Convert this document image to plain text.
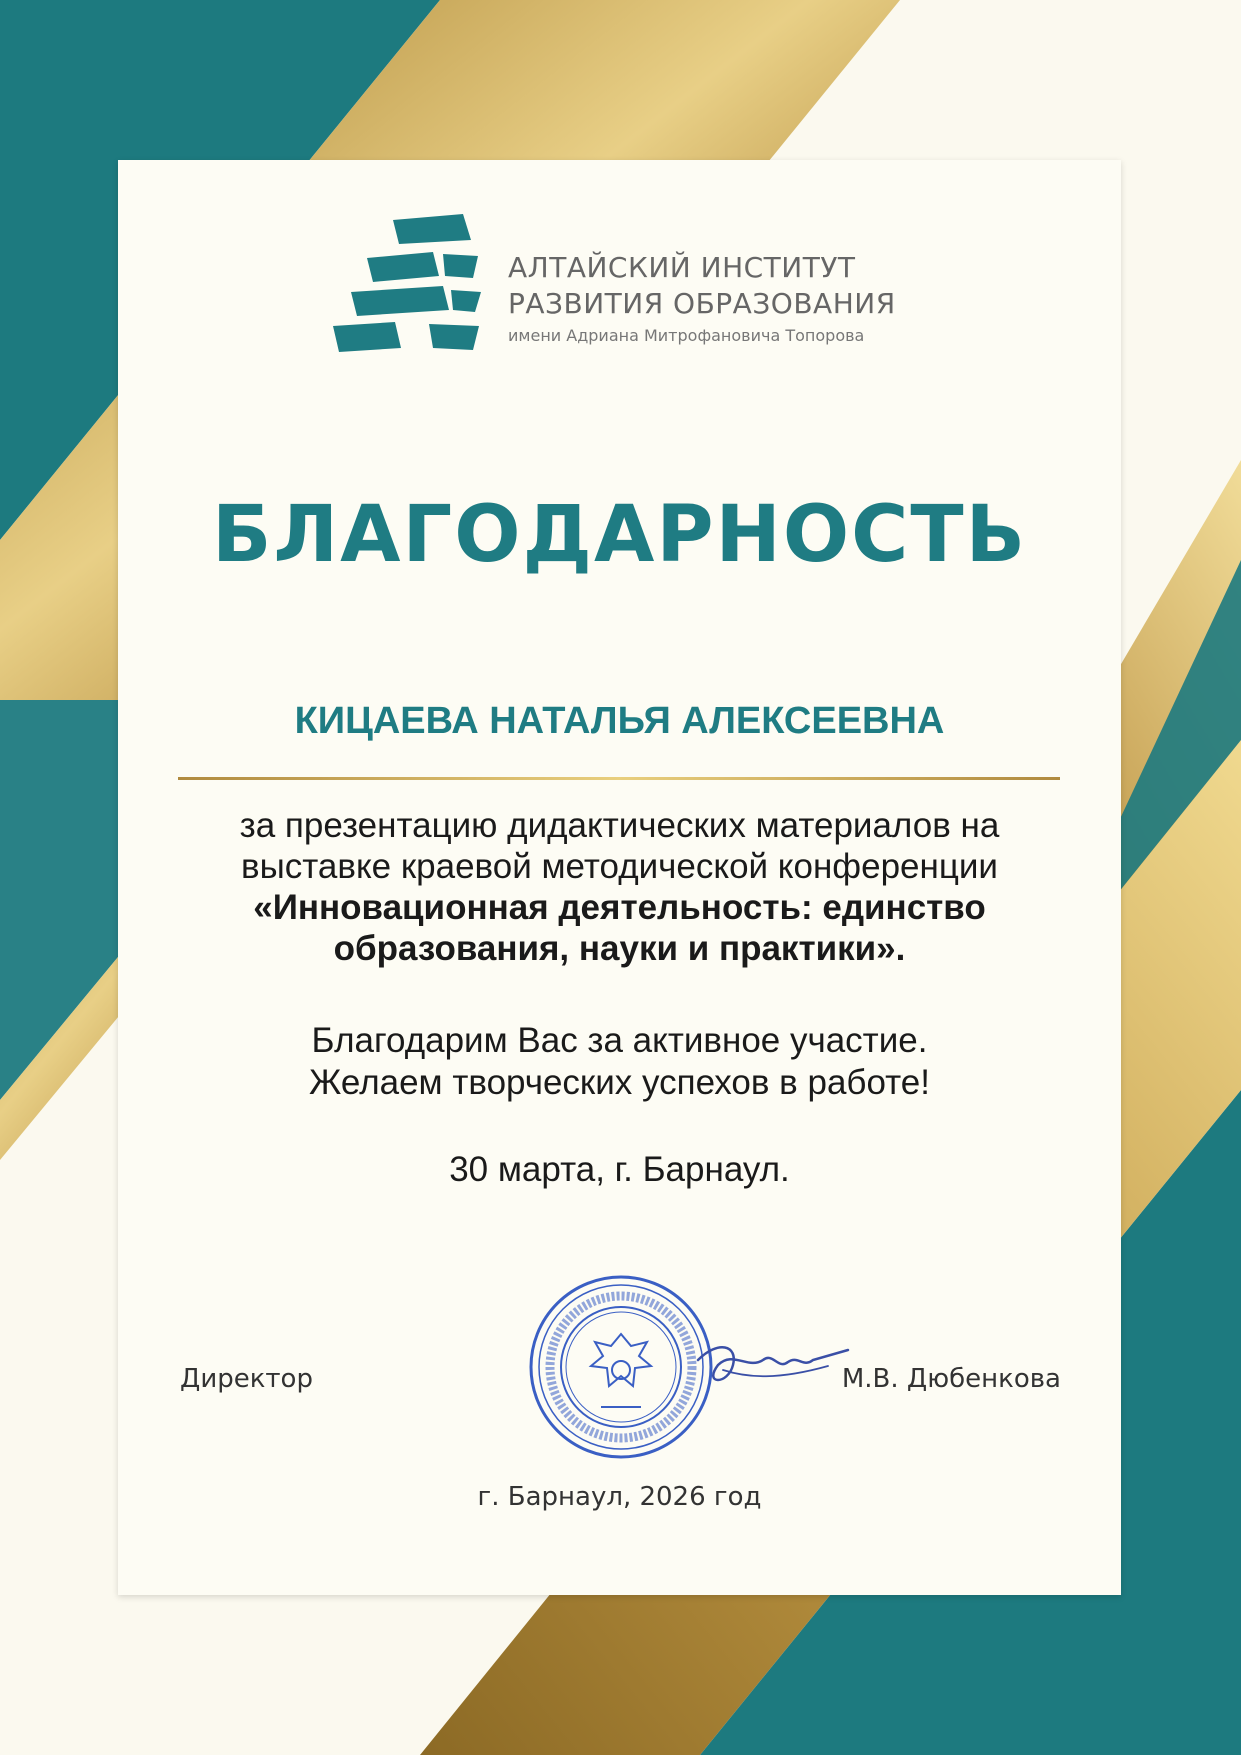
АЛТАЙСКИЙ ИНСТИТУТ
РАЗВИТИЯ ОБРАЗОВАНИЯ
имени Адриана Митрофановича Топорова
БЛАГОДАРНОСТЬ
КИЦАЕВА НАТАЛЬЯ АЛЕКСЕЕВНА
за презентацию дидактических материалов на
выставке краевой методической конференции
«Инновационная деятельность: единство
образования, науки и практики».
Благодарим Вас за активное участие.
Желаем творческих успехов в работе!
30 марта, г. Барнаул.
Директор	М.В. Дюбенкова
г. Барнаул, 2026 год
